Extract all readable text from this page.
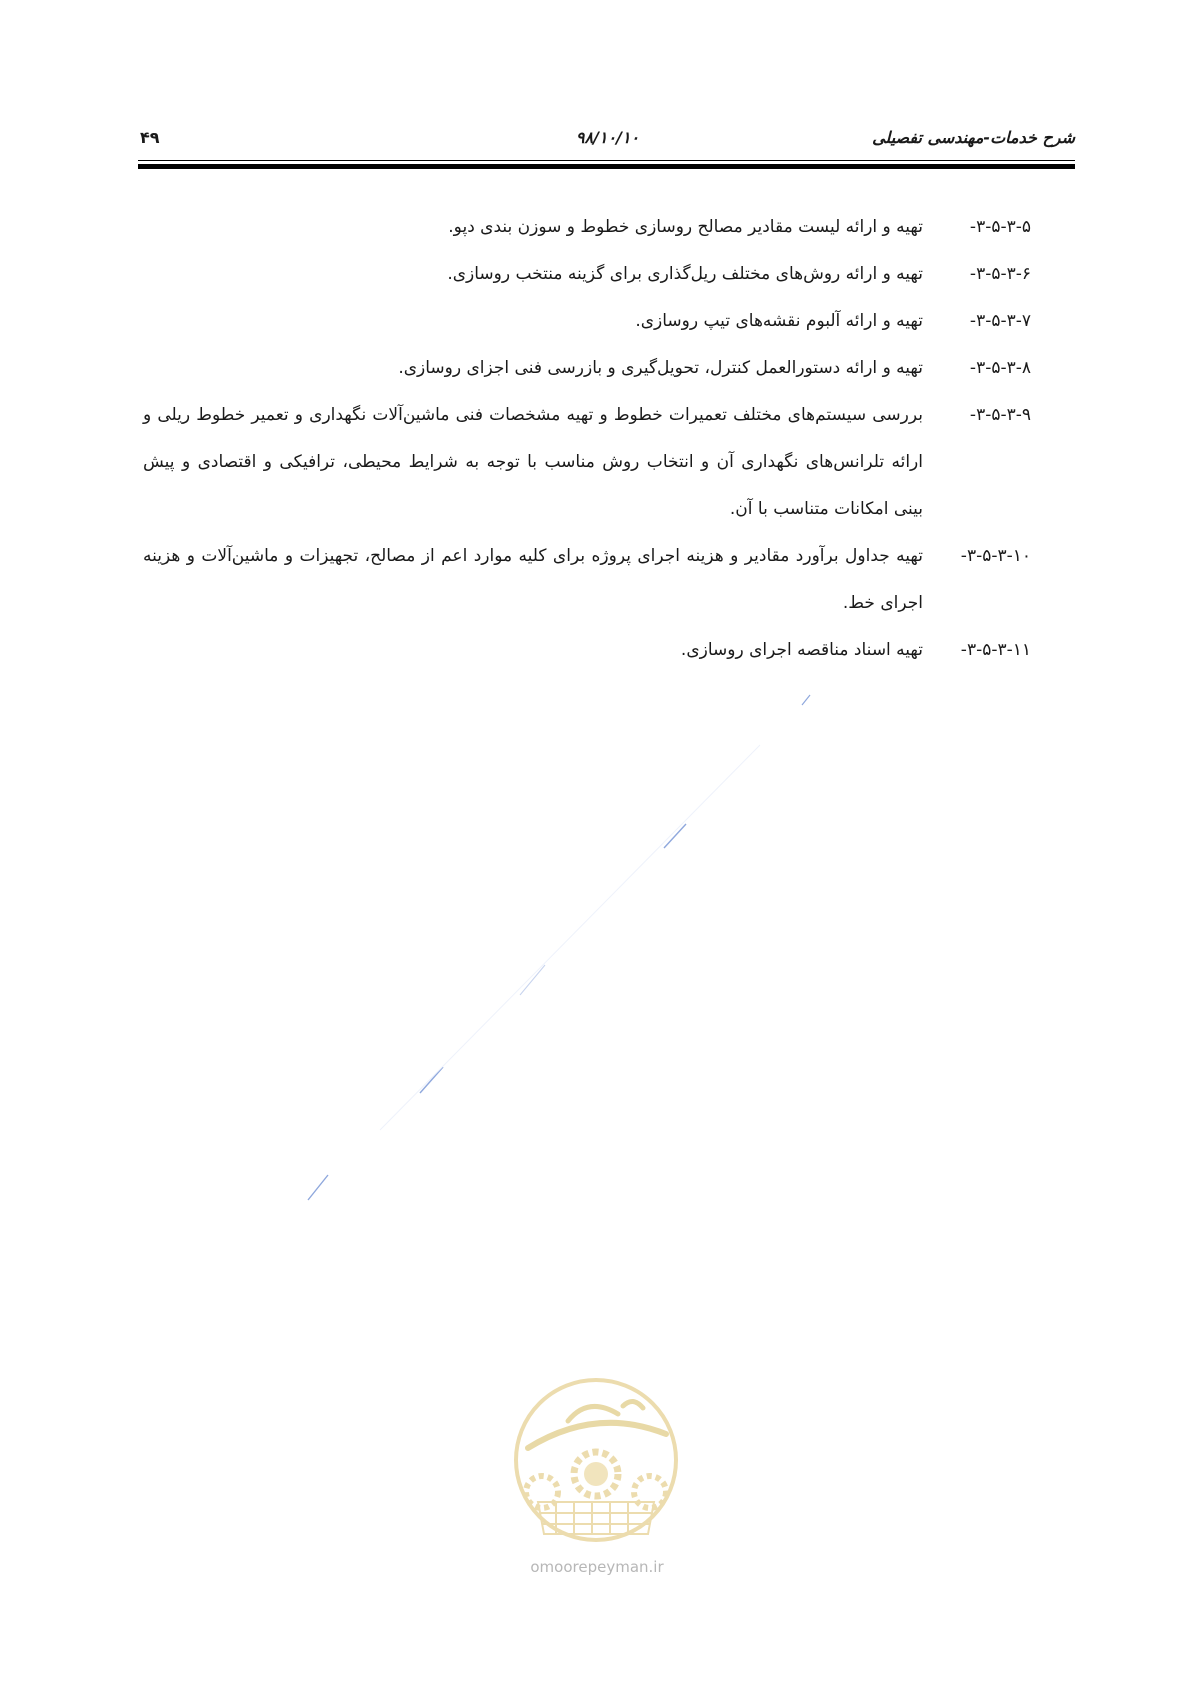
شرح خدمات-مهندسی تفصیلی
۹۸/۱۰/۱۰
۴۹
۳-۵-۳-۵-
تهیه و ارائه لیست مقادیر مصالح روسازی خطوط و سوزن بندی دپو.
۳-۵-۳-۶-
تهیه و ارائه روش‌های مختلف ریل‌گذاری برای گزینه منتخب روسازی.
۳-۵-۳-۷-
تهیه و ارائه آلبوم نقشه‌های تیپ روسازی.
۳-۵-۳-۸-
تهیه و ارائه دستورالعمل کنترل، تحویل‌گیری و بازرسی فنی اجزای روسازی.
۳-۵-۳-۹-
بررسی سیستم‌های مختلف تعمیرات خطوط و تهیه مشخصات فنی ماشین‌آلات نگهداری و تعمیر خطوط ریلی و ارائه تلرانس‌های نگهداری آن و انتخاب روش مناسب با توجه به شرایط محیطی، ترافیکی و اقتصادی و پیش بینی امکانات متناسب با آن.
۳-۵-۳-۱۰-
تهیه جداول برآورد مقادیر و هزینه اجرای پروژه برای کلیه موارد اعم از مصالح، تجهیزات و ماشین‌آلات و هزینه اجرای خط.
۳-۵-۳-۱۱-
تهیه اسناد مناقصه اجرای روسازی.
omoorepeyman.ir
